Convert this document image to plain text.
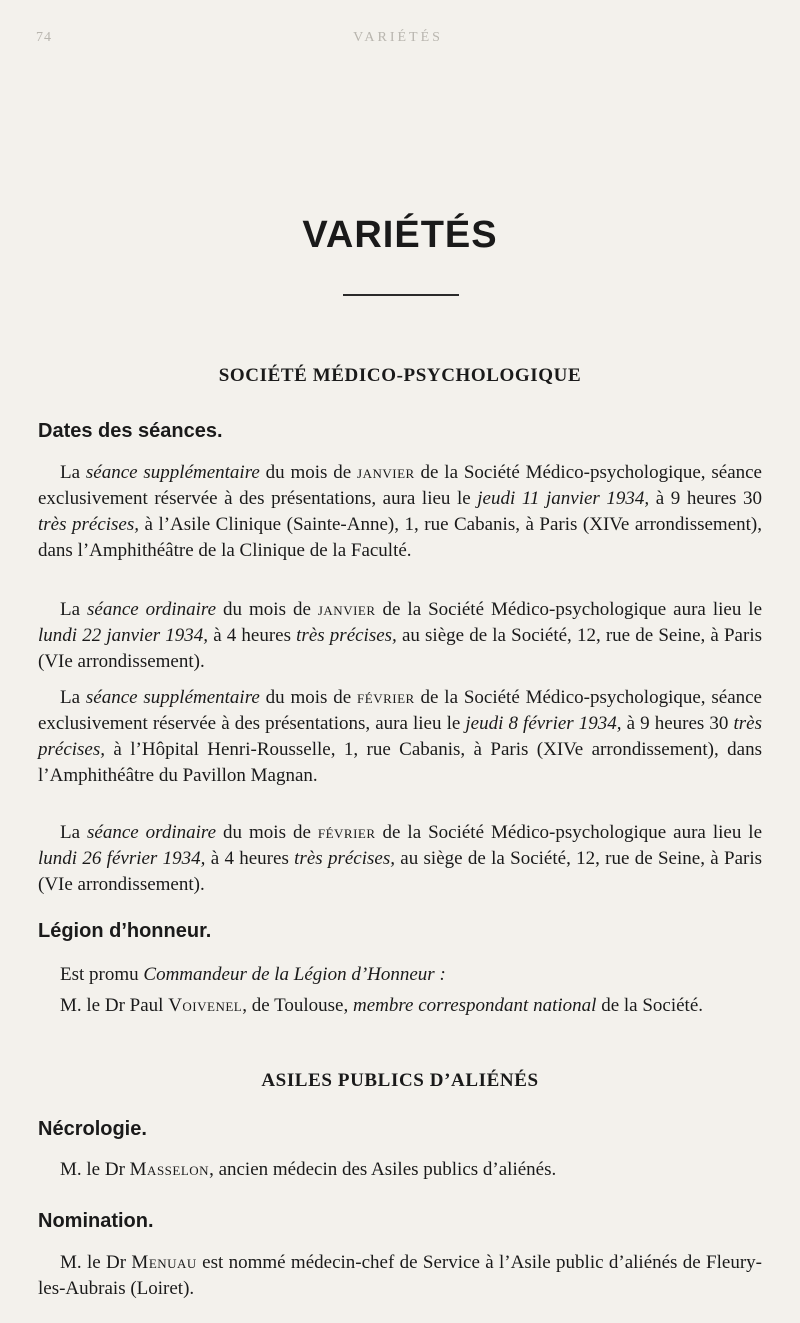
74	VARIÉTÉS
VARIÉTÉS
SOCIÉTÉ MÉDICO-PSYCHOLOGIQUE
Dates des séances.
La séance supplémentaire du mois de janvier de la Société Médico-psychologique, séance exclusivement réservée à des présentations, aura lieu le jeudi 11 janvier 1934, à 9 heures 30 très précises, à l’Asile Clinique (Sainte-Anne), 1, rue Cabanis, à Paris (XIVe arrondissement), dans l’Amphithéâtre de la Clinique de la Faculté.
La séance ordinaire du mois de janvier de la Société Médico-psychologique aura lieu le lundi 22 janvier 1934, à 4 heures très précises, au siège de la Société, 12, rue de Seine, à Paris (VIe arrondissement).
La séance supplémentaire du mois de février de la Société Médico-psychologique, séance exclusivement réservée à des présentations, aura lieu le jeudi 8 février 1934, à 9 heures 30 très précises, à l’Hôpital Henri-Rousselle, 1, rue Cabanis, à Paris (XIVe arrondissement), dans l’Amphithéâtre du Pavillon Magnan.
La séance ordinaire du mois de février de la Société Médico-psychologique aura lieu le lundi 26 février 1934, à 4 heures très précises, au siège de la Société, 12, rue de Seine, à Paris (VIe arrondissement).
Légion d’honneur.
Est promu Commandeur de la Légion d’Honneur :
M. le Dr Paul Voivenel, de Toulouse, membre correspondant national de la Société.
ASILES PUBLICS D’ALIÉNÉS
Nécrologie.
M. le Dr Masselon, ancien médecin des Asiles publics d’aliénés.
Nomination.
M. le Dr Menuau est nommé médecin-chef de Service à l’Asile public d’aliénés de Fleury-les-Aubrais (Loiret).
